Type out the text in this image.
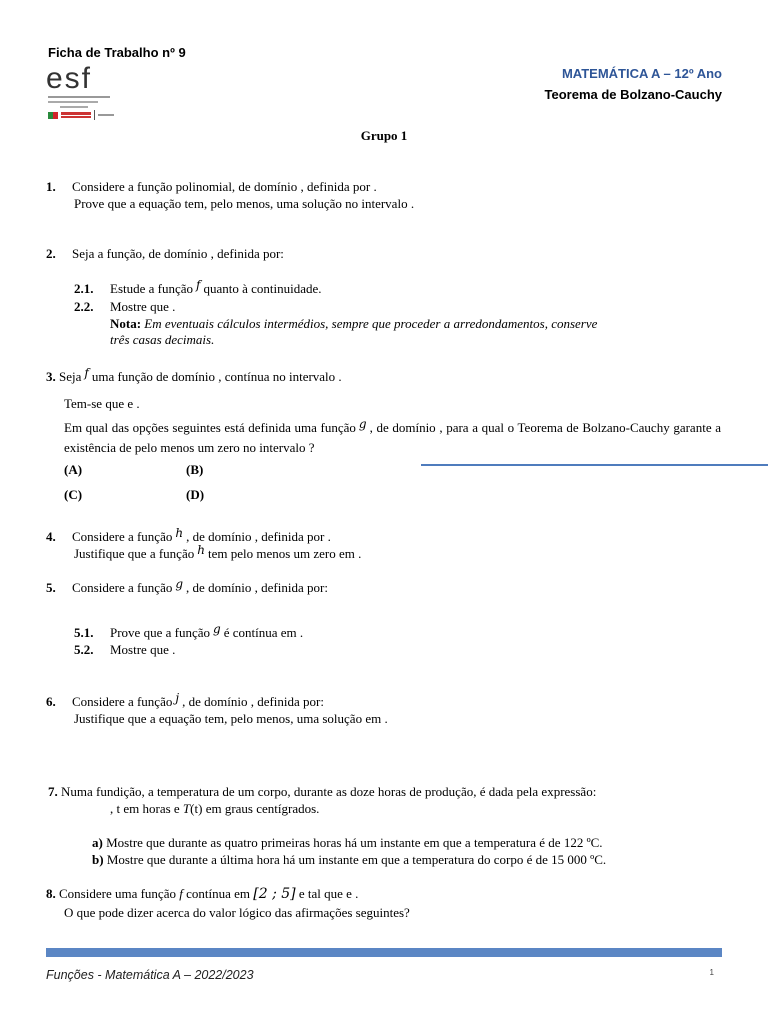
Ficha de Trabalho nº 9
esf	MATEMÁTICA A – 12º Ano
Teorema de Bolzano-Cauchy
Grupo 1
1. Considere a função polinomial, de domínio , definida por .
Prove que a equação tem, pelo menos, uma solução no intervalo .
2. Seja a função, de domínio , definida por:
2.1. Estude a função f quanto à continuidade.
2.2. Mostre que .
Nota: Em eventuais cálculos intermédios, sempre que proceder a arredondamentos, conserve
três casas decimais.
3. Seja f uma função de domínio , contínua no intervalo .
Tem-se que e .
Em qual das opções seguintes está definida uma função g , de domínio , para a qual o Teorema de Bolzano-Cauchy garante a existência de pelo menos um zero no intervalo ?
(A)	(B)
(C)	(D)
4. Considere a função h , de domínio , definida por .
Justifique que a função h tem pelo menos um zero em .
5. Considere a função g , de domínio , definida por:
5.1. Prove que a função g é contínua em .
5.2. Mostre que .
6. Considere a função j , de domínio , definida por:
Justifique que a equação tem, pelo menos, uma solução em .
7. Numa fundição, a temperatura de um corpo, durante as doze horas de produção, é dada pela expressão:
, t em horas e T(t) em graus centígrados.
a) Mostre que durante as quatro primeiras horas há um instante em que a temperatura é de 122 ºC.
b) Mostre que durante a última hora há um instante em que a temperatura do corpo é de 15 000 ºC.
8. Considere uma função f contínua em [2 ; 5] e tal que e .
O que pode dizer acerca do valor lógico das afirmações seguintes?
Funções - Matemática A – 2022/2023	1
